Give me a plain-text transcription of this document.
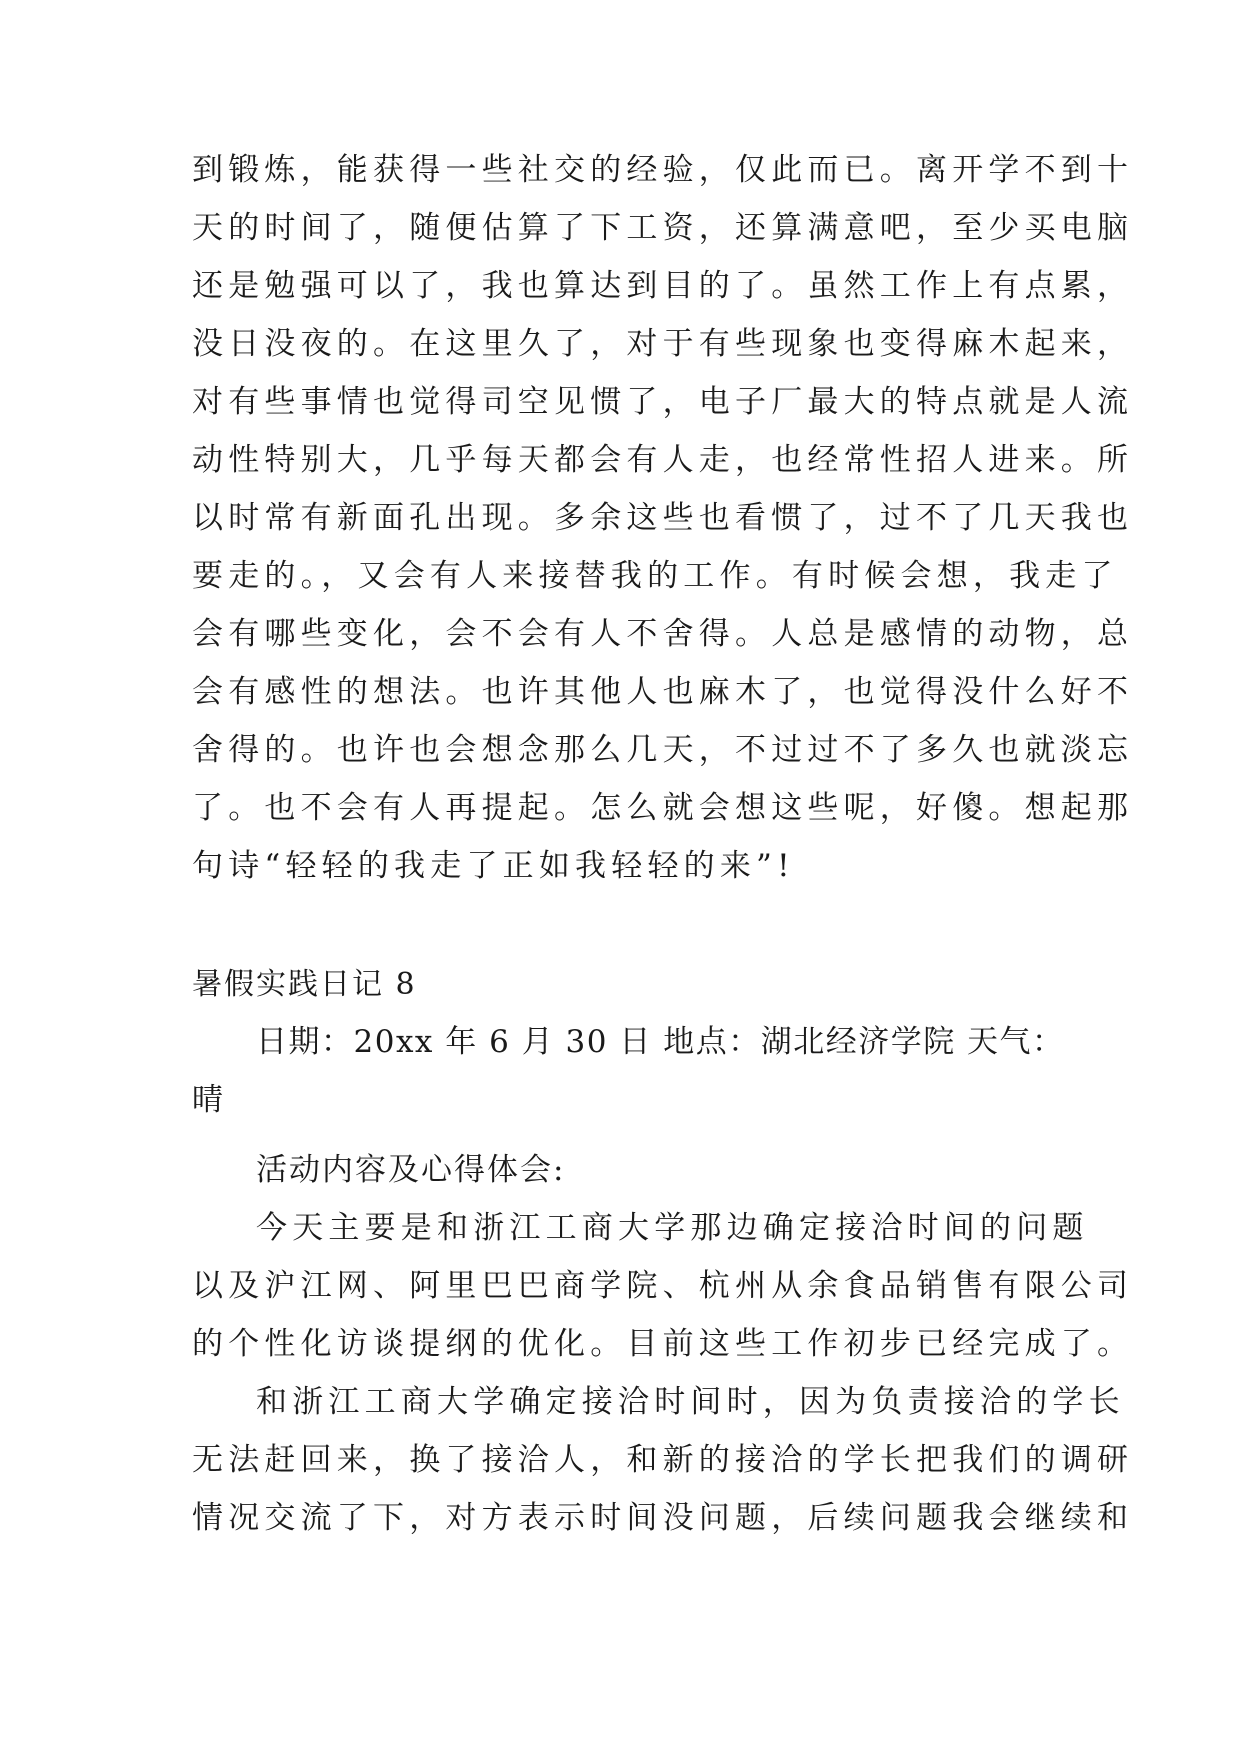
到锻炼，能获得一些社交的经验，仅此而已。离开学不到十
天的时间了，随便估算了下工资，还算满意吧，至少买电脑
还是勉强可以了，我也算达到目的了。虽然工作上有点累，
没日没夜的。在这里久了，对于有些现象也变得麻木起来，
对有些事情也觉得司空见惯了，电子厂最大的特点就是人流
动性特别大，几乎每天都会有人走，也经常性招人进来。所
以时常有新面孔出现。多余这些也看惯了，过不了几天我也
要走的。，又会有人来接替我的工作。有时候会想，我走了
会有哪些变化，会不会有人不舍得。人总是感情的动物，总
会有感性的想法。也许其他人也麻木了，也觉得没什么好不
舍得的。也许也会想念那么几天，不过过不了多久也就淡忘
了。也不会有人再提起。怎么就会想这些呢，好傻。想起那
句诗“轻轻的我走了正如我轻轻的来”!
暑假实践日记 8
日期：20xx 年 6 月 30 日 地点：湖北经济学院 天气：
晴
活动内容及心得体会:
今天主要是和浙江工商大学那边确定接洽时间的问题
以及沪江网、阿里巴巴商学院、杭州从余食品销售有限公司
的个性化访谈提纲的优化。目前这些工作初步已经完成了。
和浙江工商大学确定接洽时间时，因为负责接洽的学长
无法赶回来，换了接洽人，和新的接洽的学长把我们的调研
情况交流了下，对方表示时间没问题，后续问题我会继续和
